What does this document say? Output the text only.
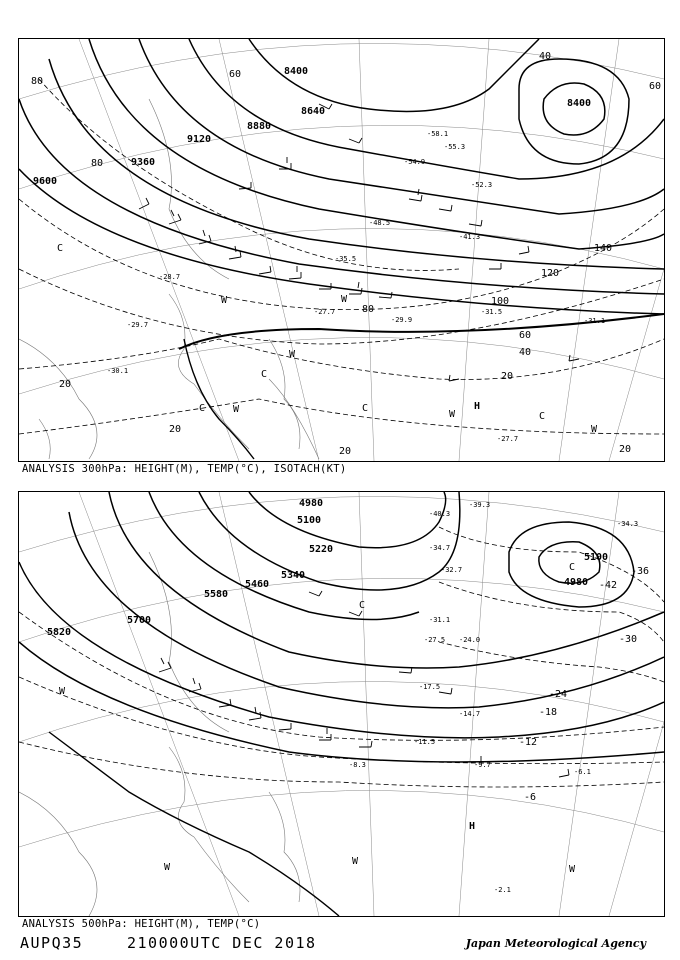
8400
8400
8640
8880
9120
9360
9600
140
120
100
80
60
40
20
20
20
20	20
60
80
60
40
80
-58.1
-55.3
-54.9
-52.3
-48.5
-41.3
-35.5
-31.5
-29.9
-27.7
-31.1
-30.1
-29.7
-28.7
-27.7
H
C
C
C	C
C
W	W
W
W
W
W
ANALYSIS 300hPa: HEIGHT(M), TEMP(°C), ISOTACH(KT)
4980
5100
5100
5220
5340
5460
5580
5700
5820
4980 -42
-36
-30
-24
-18
-12
-6
-40.3
-39.3
-34.7
-34.3
-32.7
-31.1
-27.5 -24.0
-17.5
-14.7
-11.5
-9.7
-8.3
-6.1
-2.1
H
C
C
W
W
W
W
ANALYSIS 500hPa: HEIGHT(M), TEMP(°C)
AUPQ35	210000UTC DEC 2018	Japan Meteorological Agency
